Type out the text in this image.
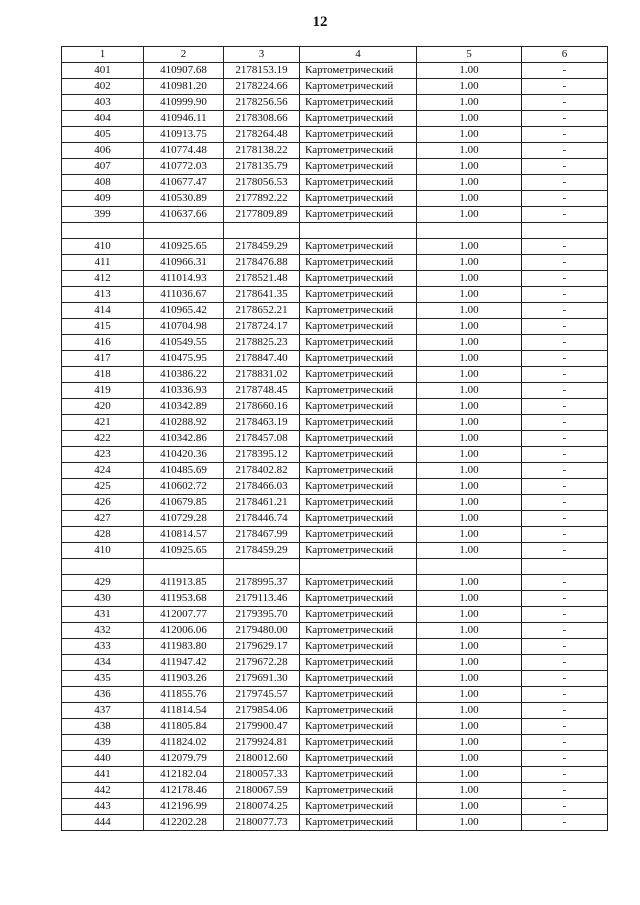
12
1	2	3	4	5	6
401	410907.68	2178153.19	Картометрический	1.00	-
402	410981.20	2178224.66	Картометрический	1.00	-
403	410999.90	2178256.56	Картометрический	1.00	-
404	410946.11	2178308.66	Картометрический	1.00	-
405	410913.75	2178264.48	Картометрический	1.00	-
406	410774.48	2178138.22	Картометрический	1.00	-
407	410772.03	2178135.79	Картометрический	1.00	-
408	410677.47	2178056.53	Картометрический	1.00	-
409	410530.89	2177892.22	Картометрический	1.00	-
399	410637.66	2177809.89	Картометрический	1.00	-

410	410925.65	2178459.29	Картометрический	1.00	-
411	410966.31	2178476.88	Картометрический	1.00	-
412	411014.93	2178521.48	Картометрический	1.00	-
413	411036.67	2178641.35	Картометрический	1.00	-
414	410965.42	2178652.21	Картометрический	1.00	-
415	410704.98	2178724.17	Картометрический	1.00	-
416	410549.55	2178825.23	Картометрический	1.00	-
417	410475.95	2178847.40	Картометрический	1.00	-
418	410386.22	2178831.02	Картометрический	1.00	-
419	410336.93	2178748.45	Картометрический	1.00	-
420	410342.89	2178660.16	Картометрический	1.00	-
421	410288.92	2178463.19	Картометрический	1.00	-
422	410342.86	2178457.08	Картометрический	1.00	-
423	410420.36	2178395.12	Картометрический	1.00	-
424	410485.69	2178402.82	Картометрический	1.00	-
425	410602.72	2178466.03	Картометрический	1.00	-
426	410679.85	2178461.21	Картометрический	1.00	-
427	410729.28	2178446.74	Картометрический	1.00	-
428	410814.57	2178467.99	Картометрический	1.00	-
410	410925.65	2178459.29	Картометрический	1.00	-

429	411913.85	2178995.37	Картометрический	1.00	-
430	411953.68	2179113.46	Картометрический	1.00	-
431	412007.77	2179395.70	Картометрический	1.00	-
432	412006.06	2179480.00	Картометрический	1.00	-
433	411983.80	2179629.17	Картометрический	1.00	-
434	411947.42	2179672.28	Картометрический	1.00	-
435	411903.26	2179691.30	Картометрический	1.00	-
436	411855.76	2179745.57	Картометрический	1.00	-
437	411814.54	2179854.06	Картометрический	1.00	-
438	411805.84	2179900.47	Картометрический	1.00	-
439	411824.02	2179924.81	Картометрический	1.00	-
440	412079.79	2180012.60	Картометрический	1.00	-
441	412182.04	2180057.33	Картометрический	1.00	-
442	412178.46	2180067.59	Картометрический	1.00	-
443	412196.99	2180074.25	Картометрический	1.00	-
444	412202.28	2180077.73	Картометрический	1.00	-
